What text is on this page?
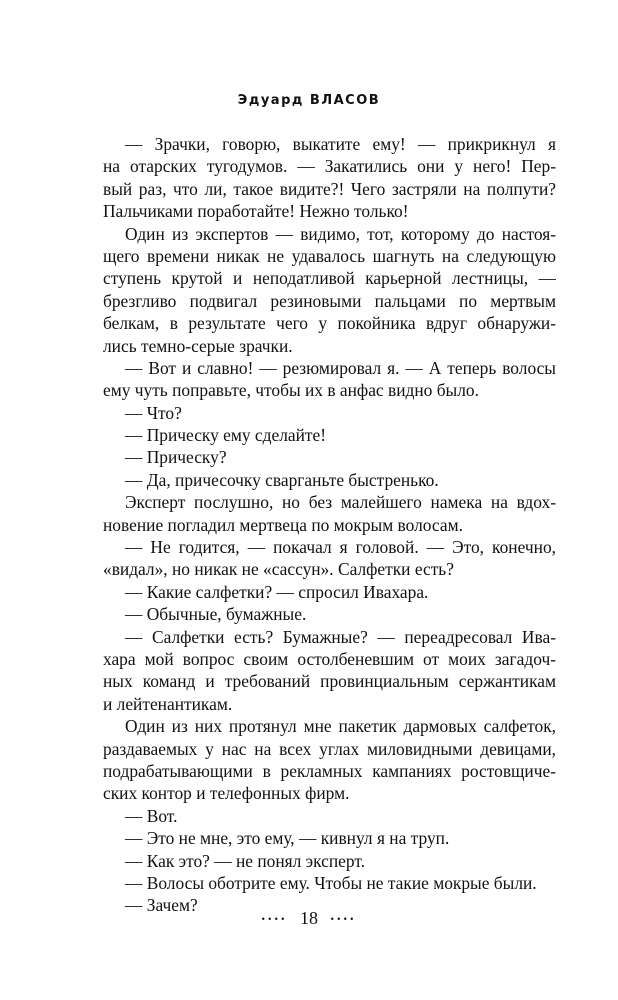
Эдуард ВЛАСОВ
— Зрачки, говорю, выкатите ему! — прикрикнул я
на отарских тугодумов. — Закатились они у него! Пер-
вый раз, что ли, такое видите?! Чего застряли на полпути?
Пальчиками поработайте! Нежно только!
Один из экспертов — видимо, тот, которому до настоя-
щего времени никак не удавалось шагнуть на следующую
ступень крутой и неподатливой карьерной лестницы, —
брезгливо подвигал резиновыми пальцами по мертвым
белкам, в результате чего у покойника вдруг обнаружи-
лись темно-серые зрачки.
— Вот и славно! — резюмировал я. — А теперь волосы
ему чуть поправьте, чтобы их в анфас видно было.
— Что?
— Прическу ему сделайте!
— Прическу?
— Да, причесочку сварганьте быстренько.
Эксперт послушно, но без малейшего намека на вдох-
новение погладил мертвеца по мокрым волосам.
— Не годится, — покачал я головой. — Это, конечно,
«видал», но никак не «сассун». Салфетки есть?
— Какие салфетки? — спросил Ивахара.
— Обычные, бумажные.
— Салфетки есть? Бумажные? — переадресовал Ива-
хара мой вопрос своим остолбеневшим от моих загадоч-
ных команд и требований провинциальным сержантикам
и лейтенантикам.
Один из них протянул мне пакетик дармовых салфеток,
раздаваемых у нас на всех углах миловидными девицами,
подрабатывающими в рекламных кампаниях ростовщиче-
ских контор и телефонных фирм.
— Вот.
— Это не мне, это ему, — кивнул я на труп.
— Как это? — не понял эксперт.
— Волосы оботрите ему. Чтобы не такие мокрые были.
— Зачем?
•••• 18 ••••
